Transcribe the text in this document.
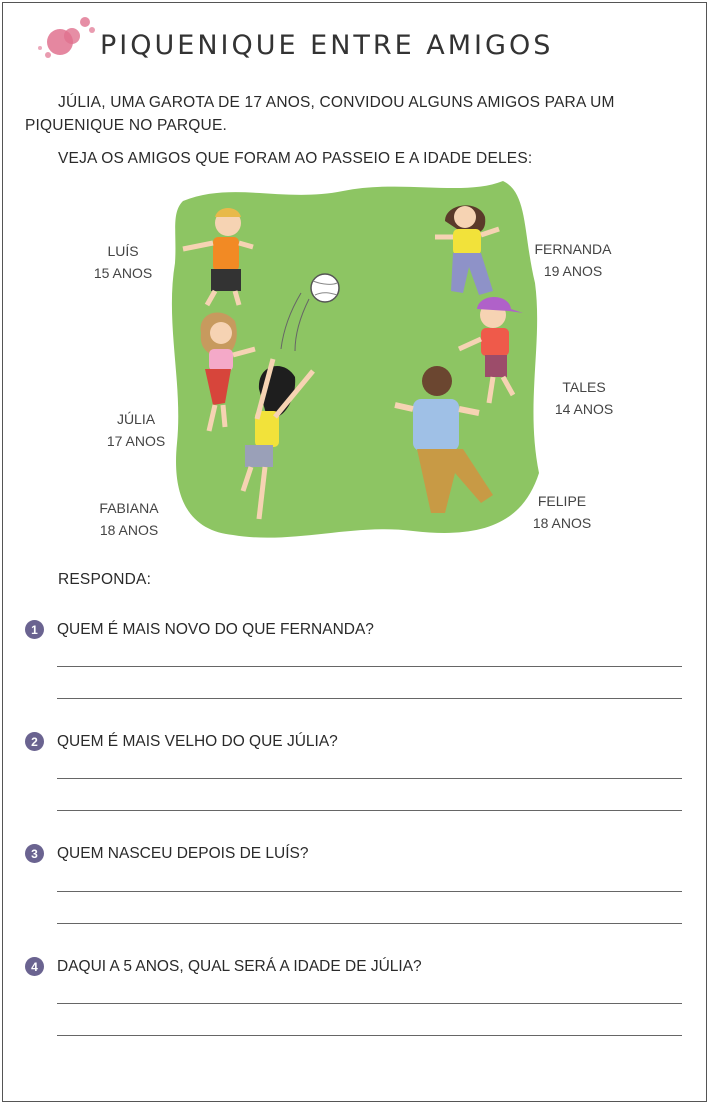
PIQUENIQUE ENTRE AMIGOS
JÚLIA, UMA GAROTA DE 17 ANOS, CONVIDOU ALGUNS AMIGOS PARA UM
PIQUENIQUE NO PARQUE.
VEJA OS AMIGOS QUE FORAM AO PASSEIO E A IDADE DELES:
LUÍS
15 ANOS
FERNANDA
19 ANOS
TALES
14 ANOS
JÚLIA
17 ANOS
FABIANA
18 ANOS
FELIPE
18 ANOS
RESPONDA:
1	QUEM É MAIS NOVO DO QUE FERNANDA?
2	QUEM É MAIS VELHO DO QUE JÚLIA?
3	QUEM NASCEU DEPOIS DE LUÍS?
4	DAQUI A 5 ANOS, QUAL SERÁ A IDADE DE JÚLIA?
